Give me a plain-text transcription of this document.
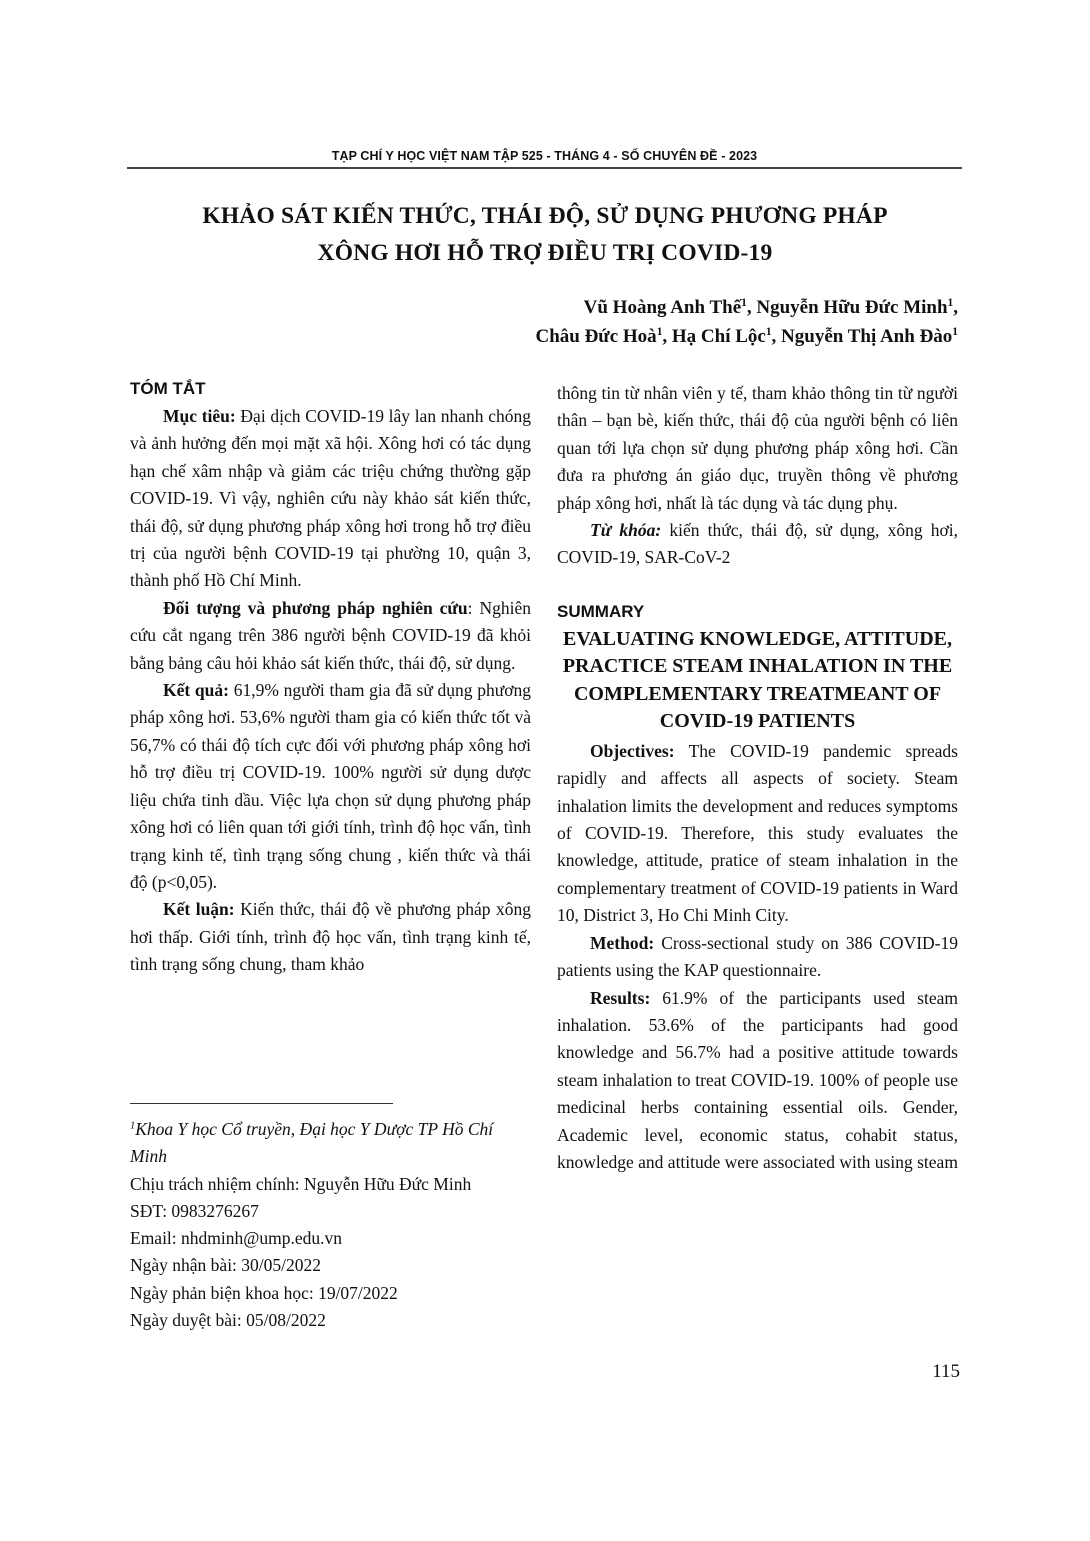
TẠP CHÍ Y HỌC VIỆT NAM TẬP 525 - THÁNG 4 - SỐ CHUYÊN ĐỀ - 2023
KHẢO SÁT KIẾN THỨC, THÁI ĐỘ, SỬ DỤNG PHƯƠNG PHÁP
XÔNG HƠI HỖ TRỢ ĐIỀU TRỊ COVID-19
Vũ Hoàng Anh Thế$^1$, Nguyễn Hữu Đức Minh$^1$,
Châu Đức Hoà$^1$, Hạ Chí Lộc$^1$, Nguyễn Thị Anh Đào$^1$
TÓM TẮT

Mục tiêu: Đại dịch COVID-19 lây lan nhanh chóng và ảnh hưởng đến mọi mặt xã hội. Xông hơi có tác dụng hạn chế xâm nhập và giảm các triệu chứng thường gặp COVID-19. Vì vậy, nghiên cứu này khảo sát kiến thức, thái độ, sử dụng phương pháp xông hơi trong hỗ trợ điều trị của người bệnh COVID-19 tại phường 10, quận 3, thành phố Hồ Chí Minh.

Đối tượng và phương pháp nghiên cứu: Nghiên cứu cắt ngang trên 386 người bệnh COVID-19 đã khỏi bằng bảng câu hỏi khảo sát kiến thức, thái độ, sử dụng.

Kết quả: 61,9% người tham gia đã sử dụng phương pháp xông hơi. 53,6% người tham gia có kiến thức tốt và 56,7% có thái độ tích cực đối với phương pháp xông hơi hỗ trợ điều trị COVID-19. 100% người sử dụng dược liệu chứa tinh dầu. Việc lựa chọn sử dụng phương pháp xông hơi có liên quan tới giới tính, trình độ học vấn, tình trạng kinh tế, tình trạng sống chung , kiến thức và thái độ (p<0,05).

Kết luận: Kiến thức, thái độ về phương pháp xông hơi thấp. Giới tính, trình độ học vấn, tình trạng kinh tế, tình trạng sống chung, tham khảo

thông tin từ nhân viên y tế, tham khảo thông tin từ người thân – bạn bè, kiến thức, thái độ của người bệnh có liên quan tới lựa chọn sử dụng phương pháp xông hơi. Cần đưa ra phương án giáo dục, truyền thông về phương pháp xông hơi, nhất là tác dụng và tác dụng phụ.

Từ khóa: kiến thức, thái độ, sử dụng, xông hơi, COVID-19, SAR-CoV-2

SUMMARY
EVALUATING KNOWLEDGE, ATTITUDE, PRACTICE STEAM INHALATION IN THE COMPLEMENTARY TREATMEANT OF COVID-19 PATIENTS

Objectives: The COVID-19 pandemic spreads rapidly and affects all aspects of society. Steam inhalation limits the development and reduces symptoms of COVID-19. Therefore, this study evaluates the knowledge, attitude, pratice of steam inhalation in the complementary treatment of COVID-19 patients in Ward 10, District 3, Ho Chi Minh City.

Method: Cross-sectional study on 386 COVID-19 patients using the KAP questionnaire.

Results: 61.9% of the participants used steam inhalation. 53.6% of the participants had good knowledge and 56.7% had a positive attitude towards steam inhalation to treat COVID-19. 100% of people use medicinal herbs containing essential oils. Gender, Academic level, economic status, cohabit status, knowledge and attitude were associated with using steam

$^1$Khoa Y học Cổ truyền, Đại học Y Dược TP Hồ Chí Minh
Chịu trách nhiệm chính: Nguyễn Hữu Đức Minh
SĐT: 0983276267
Email: nhdminh@ump.edu.vn
Ngày nhận bài: 30/05/2022
Ngày phản biện khoa học: 19/07/2022
Ngày duyệt bài: 05/08/2022
115
